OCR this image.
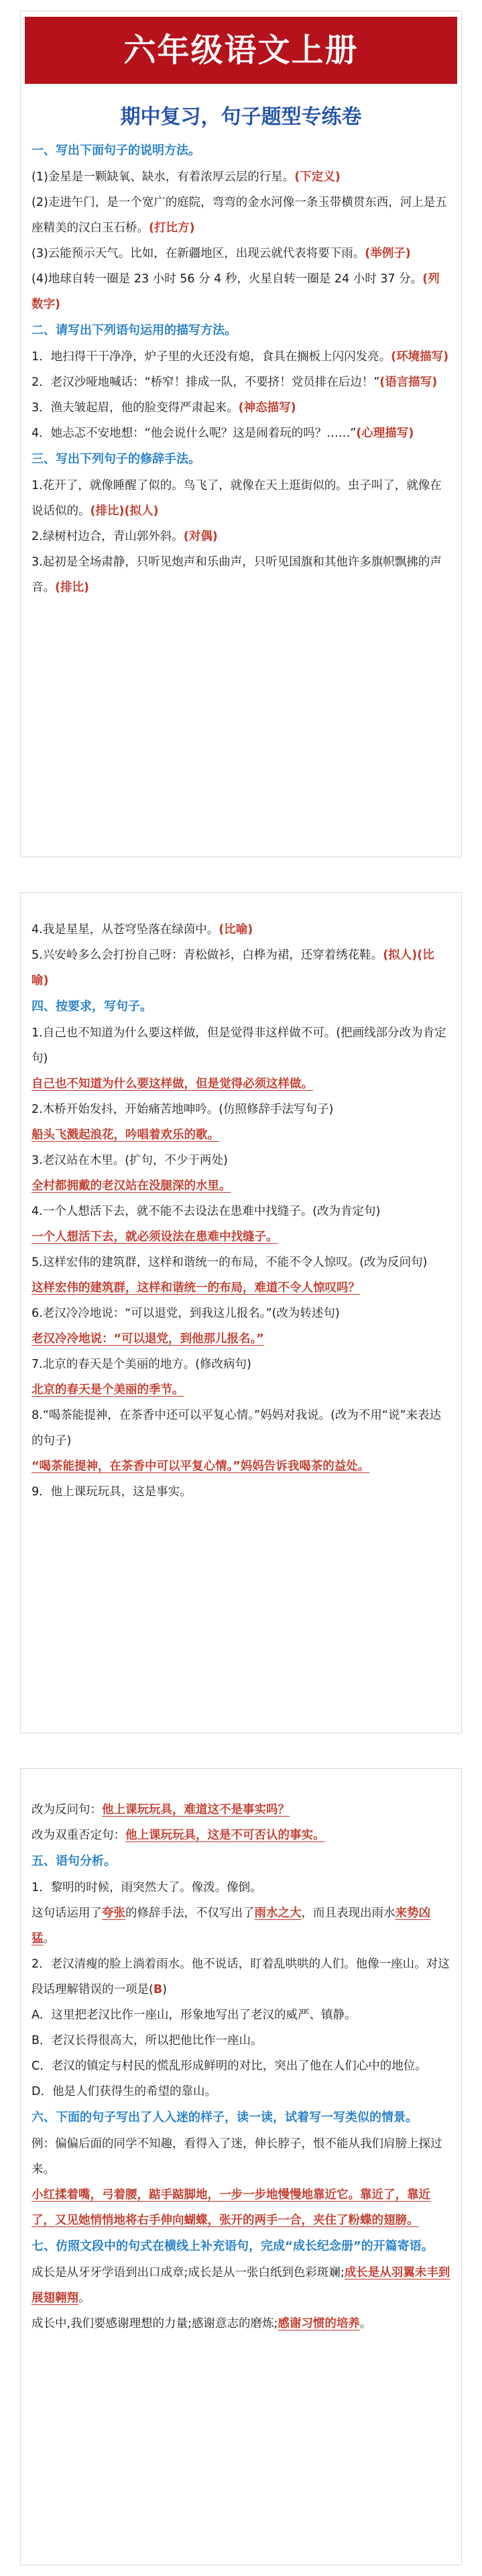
六年级语文上册
期中复习，句子题型专练卷
一、写出下面句子的说明方法。

(1)金星是一颗缺氧、缺水，有着浓厚云层的行星。(下定义)

(2)走进午门，是一个宽广的庭院，弯弯的金水河像一条玉带横贯东西，河上是五座精美的汉白玉石桥。(打比方)

(3)云能预示天气。比如，在新疆地区，出现云就代表将要下雨。(举例子)

(4)地球自转一圈是 23 小时 56 分 4 秒，火星自转一圈是 24 小时 37 分。(列数字)

二、请写出下列语句运用的描写方法。

1．地扫得干干净净，炉子里的火还没有熄，食具在搁板上闪闪发亮。(环境描写)

2．老汉沙哑地喊话：“桥窄！排成一队，不要挤！党员排在后边！”(语言描写)

3．渔夫皱起眉，他的脸变得严肃起来。(神态描写)

4．她忐忑不安地想：“他会说什么呢？这是闹着玩的吗？……”(心理描写)

三、写出下列句子的修辞手法。

1.花开了，就像睡醒了似的。鸟飞了，就像在天上逛街似的。虫子叫了，就像在说话似的。(排比)(拟人)

2.绿树村边合，青山郭外斜。(对偶)

3.起初是全场肃静，只听见炮声和乐曲声，只听见国旗和其他许多旗帜飘拂的声音。(排比)

4.我是星星，从苍穹坠落在绿茵中。(比喻)

5.兴安岭多么会打扮自己呀：青松做衫，白桦为裙，还穿着绣花鞋。(拟人)(比喻)

四、按要求，写句子。

1.自己也不知道为什么要这样做，但是觉得非这样做不可。(把画线部分改为肯定句)

自己也不知道为什么要这样做，但是觉得必须这样做。

2.木桥开始发抖，开始痛苦地呻吟。(仿照修辞手法写句子)

船头飞溅起浪花，吟唱着欢乐的歌。

3.老汉站在木里。(扩句，不少于两处)

全村都拥戴的老汉站在没腿深的水里。

4.一个人想活下去，就不能不去设法在患难中找缝子。(改为肯定句)

一个人想活下去，就必须设法在患难中找缝子。

5.这样宏伟的建筑群，这样和谐统一的布局，不能不令人惊叹。(改为反问句)

这样宏伟的建筑群，这样和谐统一的布局，难道不令人惊叹吗？

6.老汉冷冷地说：“可以退党，到我这儿报名。”(改为转述句)

老汉冷冷地说：“可以退党，到他那儿报名。”

7.北京的春天是个美丽的地方。(修改病句)

北京的春天是个美丽的季节。

8.“喝茶能提神，在茶香中还可以平复心情。”妈妈对我说。(改为不用“说”来表达的句子)

“喝茶能提神，在茶香中可以平复心情。”妈妈告诉我喝茶的益处。

9．他上课玩玩具，这是事实。

改为反问句：他上课玩玩具，难道这不是事实吗？

改为双重否定句：他上课玩玩具，这是不可否认的事实。

五、语句分析。

1．黎明的时候，雨突然大了。像泼。像倒。

这句话运用了夸张的修辞手法，不仅写出了雨水之大，而且表现出雨水来势凶猛。

2．老汉清瘦的脸上淌着雨水。他不说话，盯着乱哄哄的人们。他像一座山。对这段话理解错误的一项是(B)

A．这里把老汉比作一座山，形象地写出了老汉的威严、镇静。

B．老汉长得很高大，所以把他比作一座山。

C．老汉的镇定与村民的慌乱形成鲜明的对比，突出了他在人们心中的地位。

D．他是人们获得生的希望的靠山。

六、下面的句子写出了人入迷的样子，读一读，试着写一写类似的情景。

例：偏偏后面的同学不知趣，看得入了迷，伸长脖子，恨不能从我们肩膀上探过来。

小红揉着嘴，弓着腰，踮手踮脚地，一步一步地慢慢地靠近它。靠近了，靠近了，又见她悄悄地将右手伸向蝴蝶，张开的两手一合，夹住了粉蝶的翅膀。

七、仿照文段中的句式在横线上补充语句，完成“成长纪念册”的开篇寄语。

成长是从牙牙学语到出口成章;成长是从一张白纸到色彩斑斓;成长是从羽翼未丰到展翅翱翔。

成长中,我们要感谢理想的力量;感谢意志的磨炼;感谢习惯的培养。
